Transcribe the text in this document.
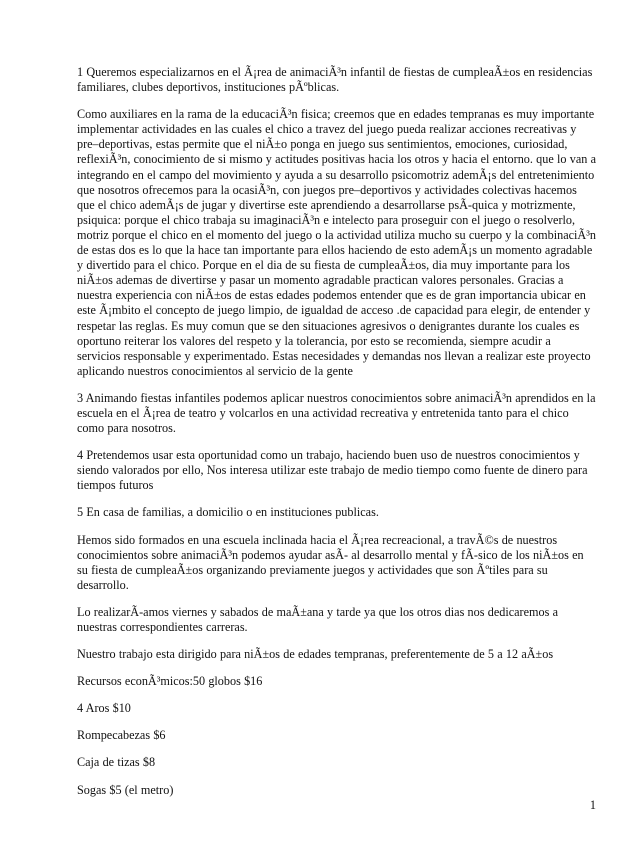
1 Queremos especializarnos en el Ã¡rea de animaciÃ³n infantil de fiestas de cumpleaÃ±os en residencias familiares, clubes deportivos, instituciones pÃºblicas.

Como auxiliares en la rama de la educaciÃ³n fisica; creemos que en edades tempranas es muy importante implementar actividades en las cuales el chico a travez del juego pueda realizar acciones recreativas y pre–deportivas, estas permite que el niÃ±o ponga en juego sus sentimientos, emociones, curiosidad, reflexiÃ³n, conocimiento de si mismo y actitudes positivas hacia los otros y hacia el entorno. que lo van a integrando en el campo del movimiento y ayuda a su desarrollo psicomotriz ademÃ¡s del entretenimiento que nosotros ofrecemos para la ocasiÃ³n, con juegos pre–deportivos y actividades colectivas hacemos que el chico ademÃ¡s de jugar y divertirse este aprendiendo a desarrollarse psÃ-quica y motrizmente, psiquica: porque el chico trabaja su imaginaciÃ³n e intelecto para proseguir con el juego o resolverlo, motriz porque el chico en el momento del juego o la actividad utiliza mucho su cuerpo y la combinaciÃ³n de estas dos es lo que la hace tan importante para ellos haciendo de esto ademÃ¡s un momento agradable y divertido para el chico. Porque en el dia de su fiesta de cumpleaÃ±os, dia muy importante para los niÃ±os ademas de divertirse y pasar un momento agradable practican valores personales. Gracias a nuestra experiencia con niÃ±os de estas edades podemos entender que es de gran importancia ubicar en este Ã¡mbito el concepto de juego limpio, de igualdad de acceso .de capacidad para elegir, de entender y respetar las reglas. Es muy comun que se den situaciones agresivos o denigrantes durante los cuales es oportuno reiterar los valores del respeto y la tolerancia, por esto se recomienda, siempre acudir a servicios responsable y experimentado. Estas necesidades y demandas nos llevan a realizar este proyecto aplicando nuestros conocimientos al servicio de la gente

3 Animando fiestas infantiles podemos aplicar nuestros conocimientos sobre animaciÃ³n aprendidos en la escuela en el Ã¡rea de teatro y volcarlos en una actividad recreativa y entretenida tanto para el chico como para nosotros.

4 Pretendemos usar esta oportunidad como un trabajo, haciendo buen uso de nuestros conocimientos y siendo valorados por ello, Nos interesa utilizar este trabajo de medio tiempo como fuente de dinero para tiempos futuros

5 En casa de familias, a domicilio o en instituciones publicas.

Hemos sido formados en una escuela inclinada hacia el Ã¡rea recreacional, a travÃ©s de nuestros conocimientos sobre animaciÃ³n podemos ayudar asÃ- al desarrollo mental y fÃ-sico de los niÃ±os en su fiesta de cumpleaÃ±os organizando previamente juegos y actividades que son Ãºtiles para su desarrollo.

Lo realizarÃ-amos viernes y sabados de maÃ±ana y tarde ya que los otros dias nos dedicaremos a nuestras correspondientes carreras.

Nuestro trabajo esta dirigido para niÃ±os de edades tempranas, preferentemente de 5 a 12 aÃ±os

Recursos econÃ³micos:50 globos $16

4 Aros $10

Rompecabezas $6

Caja de tizas $8

Sogas $5 (el metro)

1
